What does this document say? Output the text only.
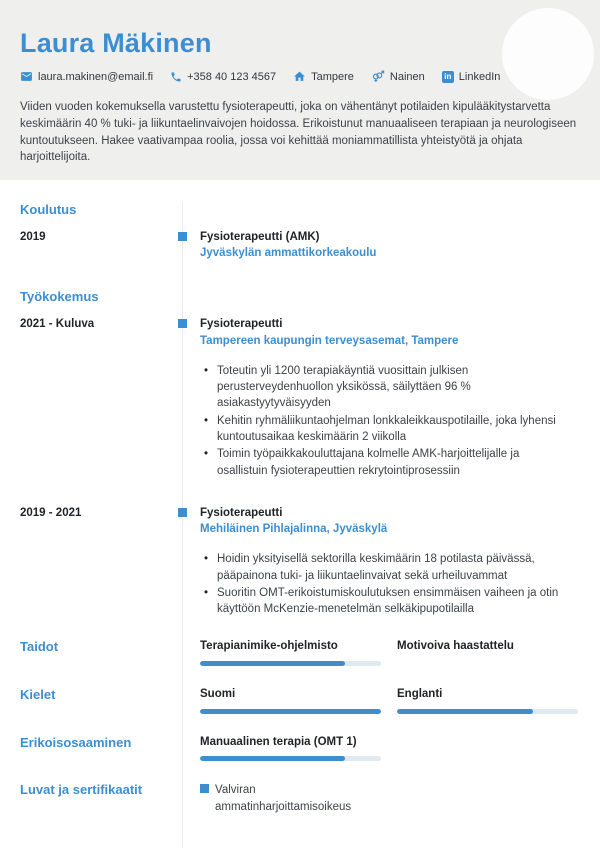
Laura Mäkinen
laura.makinen@email.fi	+358 40 123 4567	Tampere	Nainen	in LinkedIn
Viiden vuoden kokemuksella varustettu fysioterapeutti, joka on vähentänyt potilaiden kipulääkitystarvetta keskimäärin 40 % tuki- ja liikuntaelinvaivojen hoidossa. Erikoistunut manuaaliseen terapiaan ja neurologiseen kuntoutukseen. Hakee vaativampaa roolia, jossa voi kehittää moniammatillista yhteistyötä ja ohjata harjoittelijoita.
Koulutus
2019	Fysioterapeutti (AMK)
Jyväskylän ammattikorkeakoulu
Työkokemus
2021 - Kuluva	Fysioterapeutti
Tampereen kaupungin terveysasemat, Tampere
• Toteutin yli 1200 terapiakäyntiä vuosittain julkisen perusterveydenhuollon yksikössä, säilyttäen 96 % asiakastyytyväisyyden
• Kehitin ryhmäliikuntaohjelman lonkkaleikkauspotilaille, joka lyhensi kuntoutusaikaa keskimäärin 2 viikolla
• Toimin työpaikkakouluttajana kolmelle AMK-harjoittelijalle ja osallistuin fysioterapeuttien rekrytointiprosessiin
2019 - 2021	Fysioterapeutti
Mehiläinen Pihlajalinna, Jyväskylä
• Hoidin yksityisellä sektorilla keskimäärin 18 potilasta päivässä, pääpainona tuki- ja liikuntaelinvaivat sekä urheiluvammat
• Suoritin OMT-erikoistumiskoulutuksen ensimmäisen vaiheen ja otin käyttöön McKenzie-menetelmän selkäkipupotilailla
Taidot	Terapianimike-ohjelmisto	Motivoiva haastattelu
Kielet	Suomi	Englanti
Erikoisosaaminen	Manuaalinen terapia (OMT 1)
Luvat ja sertifikaatit	Valviran ammatinharjoittamisoikeus
